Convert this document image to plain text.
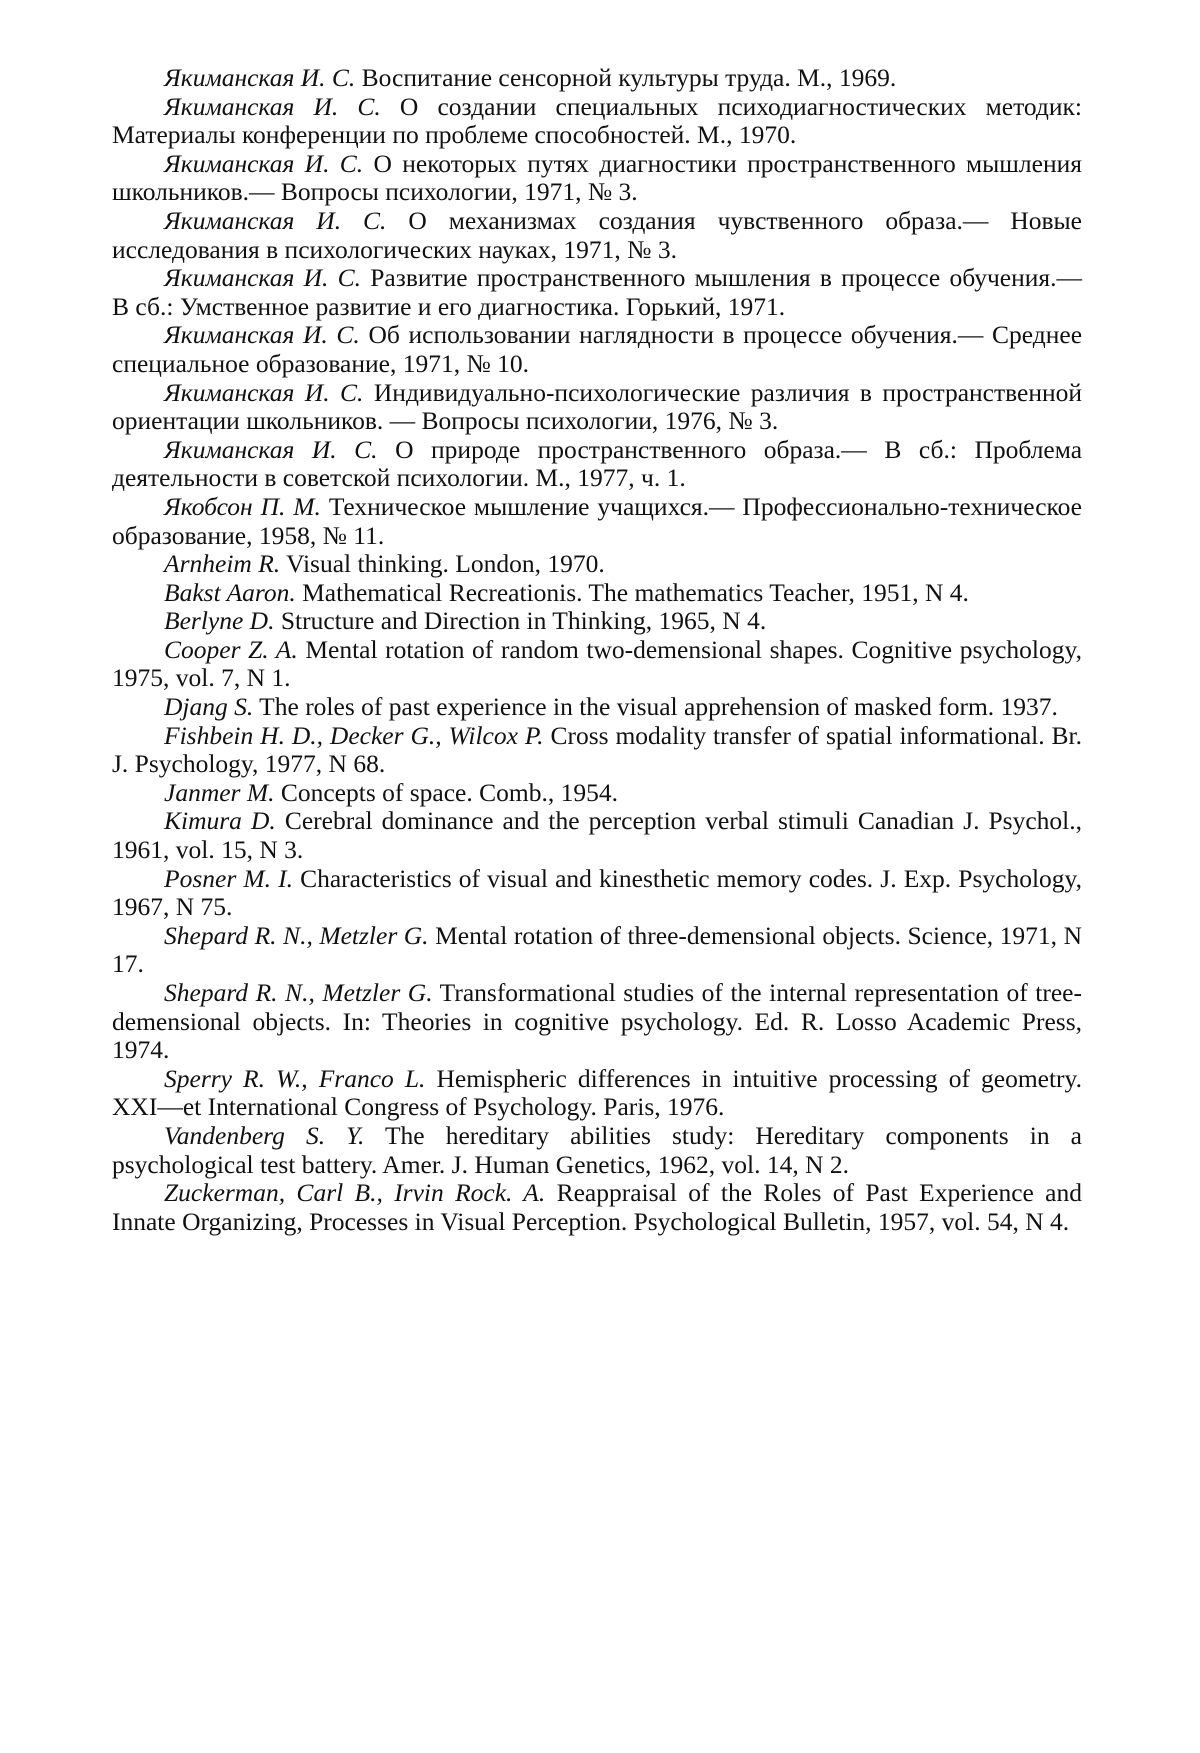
Якиманская И. С. Воспитание сенсорной культуры труда. М., 1969.

Якиманская И. С. О создании специальных психодиагностических методик: Материалы конференции по проблеме способностей. М., 1970.

Якиманская И. С. О некоторых путях диагностики пространственного мышления школьников.— Вопросы психологии, 1971, № 3.

Якиманская И. С. О механизмах создания чувственного образа.— Новые исследования в психологических науках, 1971, № 3.

Якиманская И. С. Развитие пространственного мышления в процессе обучения.— В сб.: Умственное развитие и его диагностика. Горький, 1971.

Якиманская И. С. Об использовании наглядности в процессе обучения.— Среднее специальное образование, 1971, № 10.

Якиманская И. С. Индивидуально-психологические различия в пространственной ориентации школьников. — Вопросы психологии, 1976, № 3.

Якиманская И. С. О природе пространственного образа.— В сб.: Проблема деятельности в советской психологии. М., 1977, ч. 1.

Якобсон П. М. Техническое мышление учащихся.— Профессионально-техническое образование, 1958, № 11.

Arnheim R. Visual thinking. London, 1970.

Bakst Aaron. Mathematical Recreationis. The mathematics Teacher, 1951, N 4.

Berlyne D. Structure and Direction in Thinking, 1965, N 4.

Cooper Z. A. Mental rotation of random two-demensional shapes. Cognitive psychology, 1975, vol. 7, N 1.

Djang S. The roles of past experience in the visual apprehension of masked form. 1937.

Fishbein H. D., Decker G., Wilcox P. Cross modality transfer of spatial informational. Br. J. Psychology, 1977, N 68.

Janmer M. Concepts of space. Comb., 1954.

Kimura D. Cerebral dominance and the perception verbal stimuli Canadian J. Psychol., 1961, vol. 15, N 3.

Posner M. I. Characteristics of visual and kinesthetic memory codes. J. Exp. Psychology, 1967, N 75.

Shepard R. N., Metzler G. Mental rotation of three-demensional objects. Science, 1971, N 17.

Shepard R. N., Metzler G. Transformational studies of the internal representation of tree-demensional objects. In: Theories in cognitive psychology. Ed. R. Losso Academic Press, 1974.

Sperry R. W., Franco L. Hemispheric differences in intuitive processing of geometry. XXI—et International Congress of Psychology. Paris, 1976.

Vandenberg S. Y. The hereditary abilities study: Hereditary components in a psychological test battery. Amer. J. Human Genetics, 1962, vol. 14, N 2.

Zuckerman, Carl B., Irvin Rock. A. Reappraisal of the Roles of Past Experience and Innate Organizing, Processes in Visual Perception. Psychological Bulletin, 1957, vol. 54, N 4.
